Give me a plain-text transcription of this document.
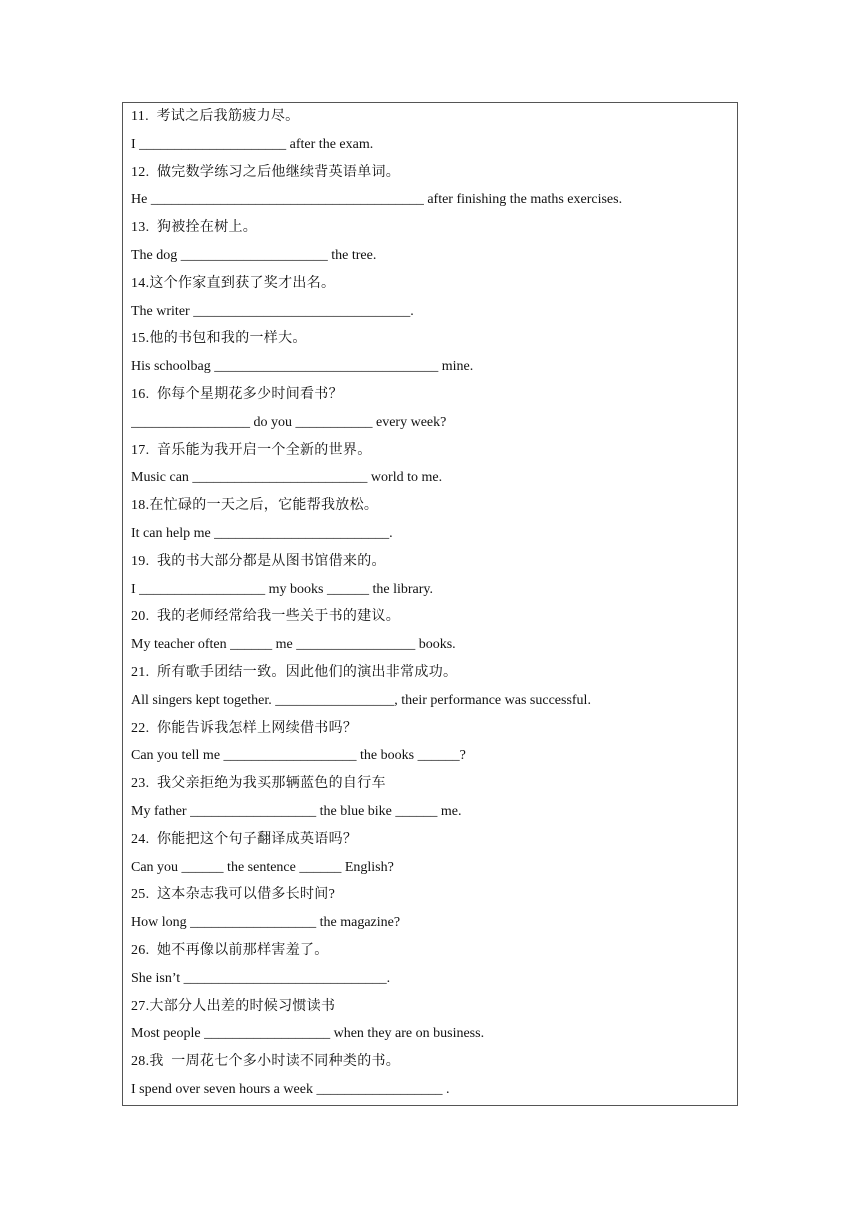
11.  考试之后我筋疲力尽。
I _____________________ after the exam.
12.  做完数学练习之后他继续背英语单词。
He _______________________________________ after finishing the maths exercises.
13.  狗被拴在树上。
The dog _____________________ the tree.
14.这个作家直到获了奖才出名。
The writer _______________________________.
15.他的书包和我的一样大。
His schoolbag ________________________________ mine.
16.  你每个星期花多少时间看书？
_________________ do you ___________ every week?
17.  音乐能为我开启一个全新的世界。
Music can _________________________ world to me.
18.在忙碌的一天之后，它能帮我放松。
It can help me _________________________.
19.  我的书大部分都是从图书馆借来的。
I __________________ my books ______ the library.
20.  我的老师经常给我一些关于书的建议。
My teacher often ______ me _________________ books.
21.  所有歌手团结一致。因此他们的演出非常成功。
All singers kept together. _________________, their performance was successful.
22.  你能告诉我怎样上网续借书吗？
Can you tell me ___________________ the books ______?
23.  我父亲拒绝为我买那辆蓝色的自行车
My father __________________ the blue bike ______ me.
24.  你能把这个句子翻译成英语吗？
Can you ______ the sentence ______ English?
25.  这本杂志我可以借多长时间?
How long __________________ the magazine?
26.  她不再像以前那样害羞了。
She isn’t _____________________________.
27.大部分人出差的时候习惯读书
Most people __________________ when they are on business.
28.我  一周花七个多小时读不同种类的书。
I spend over seven hours a week __________________ .
